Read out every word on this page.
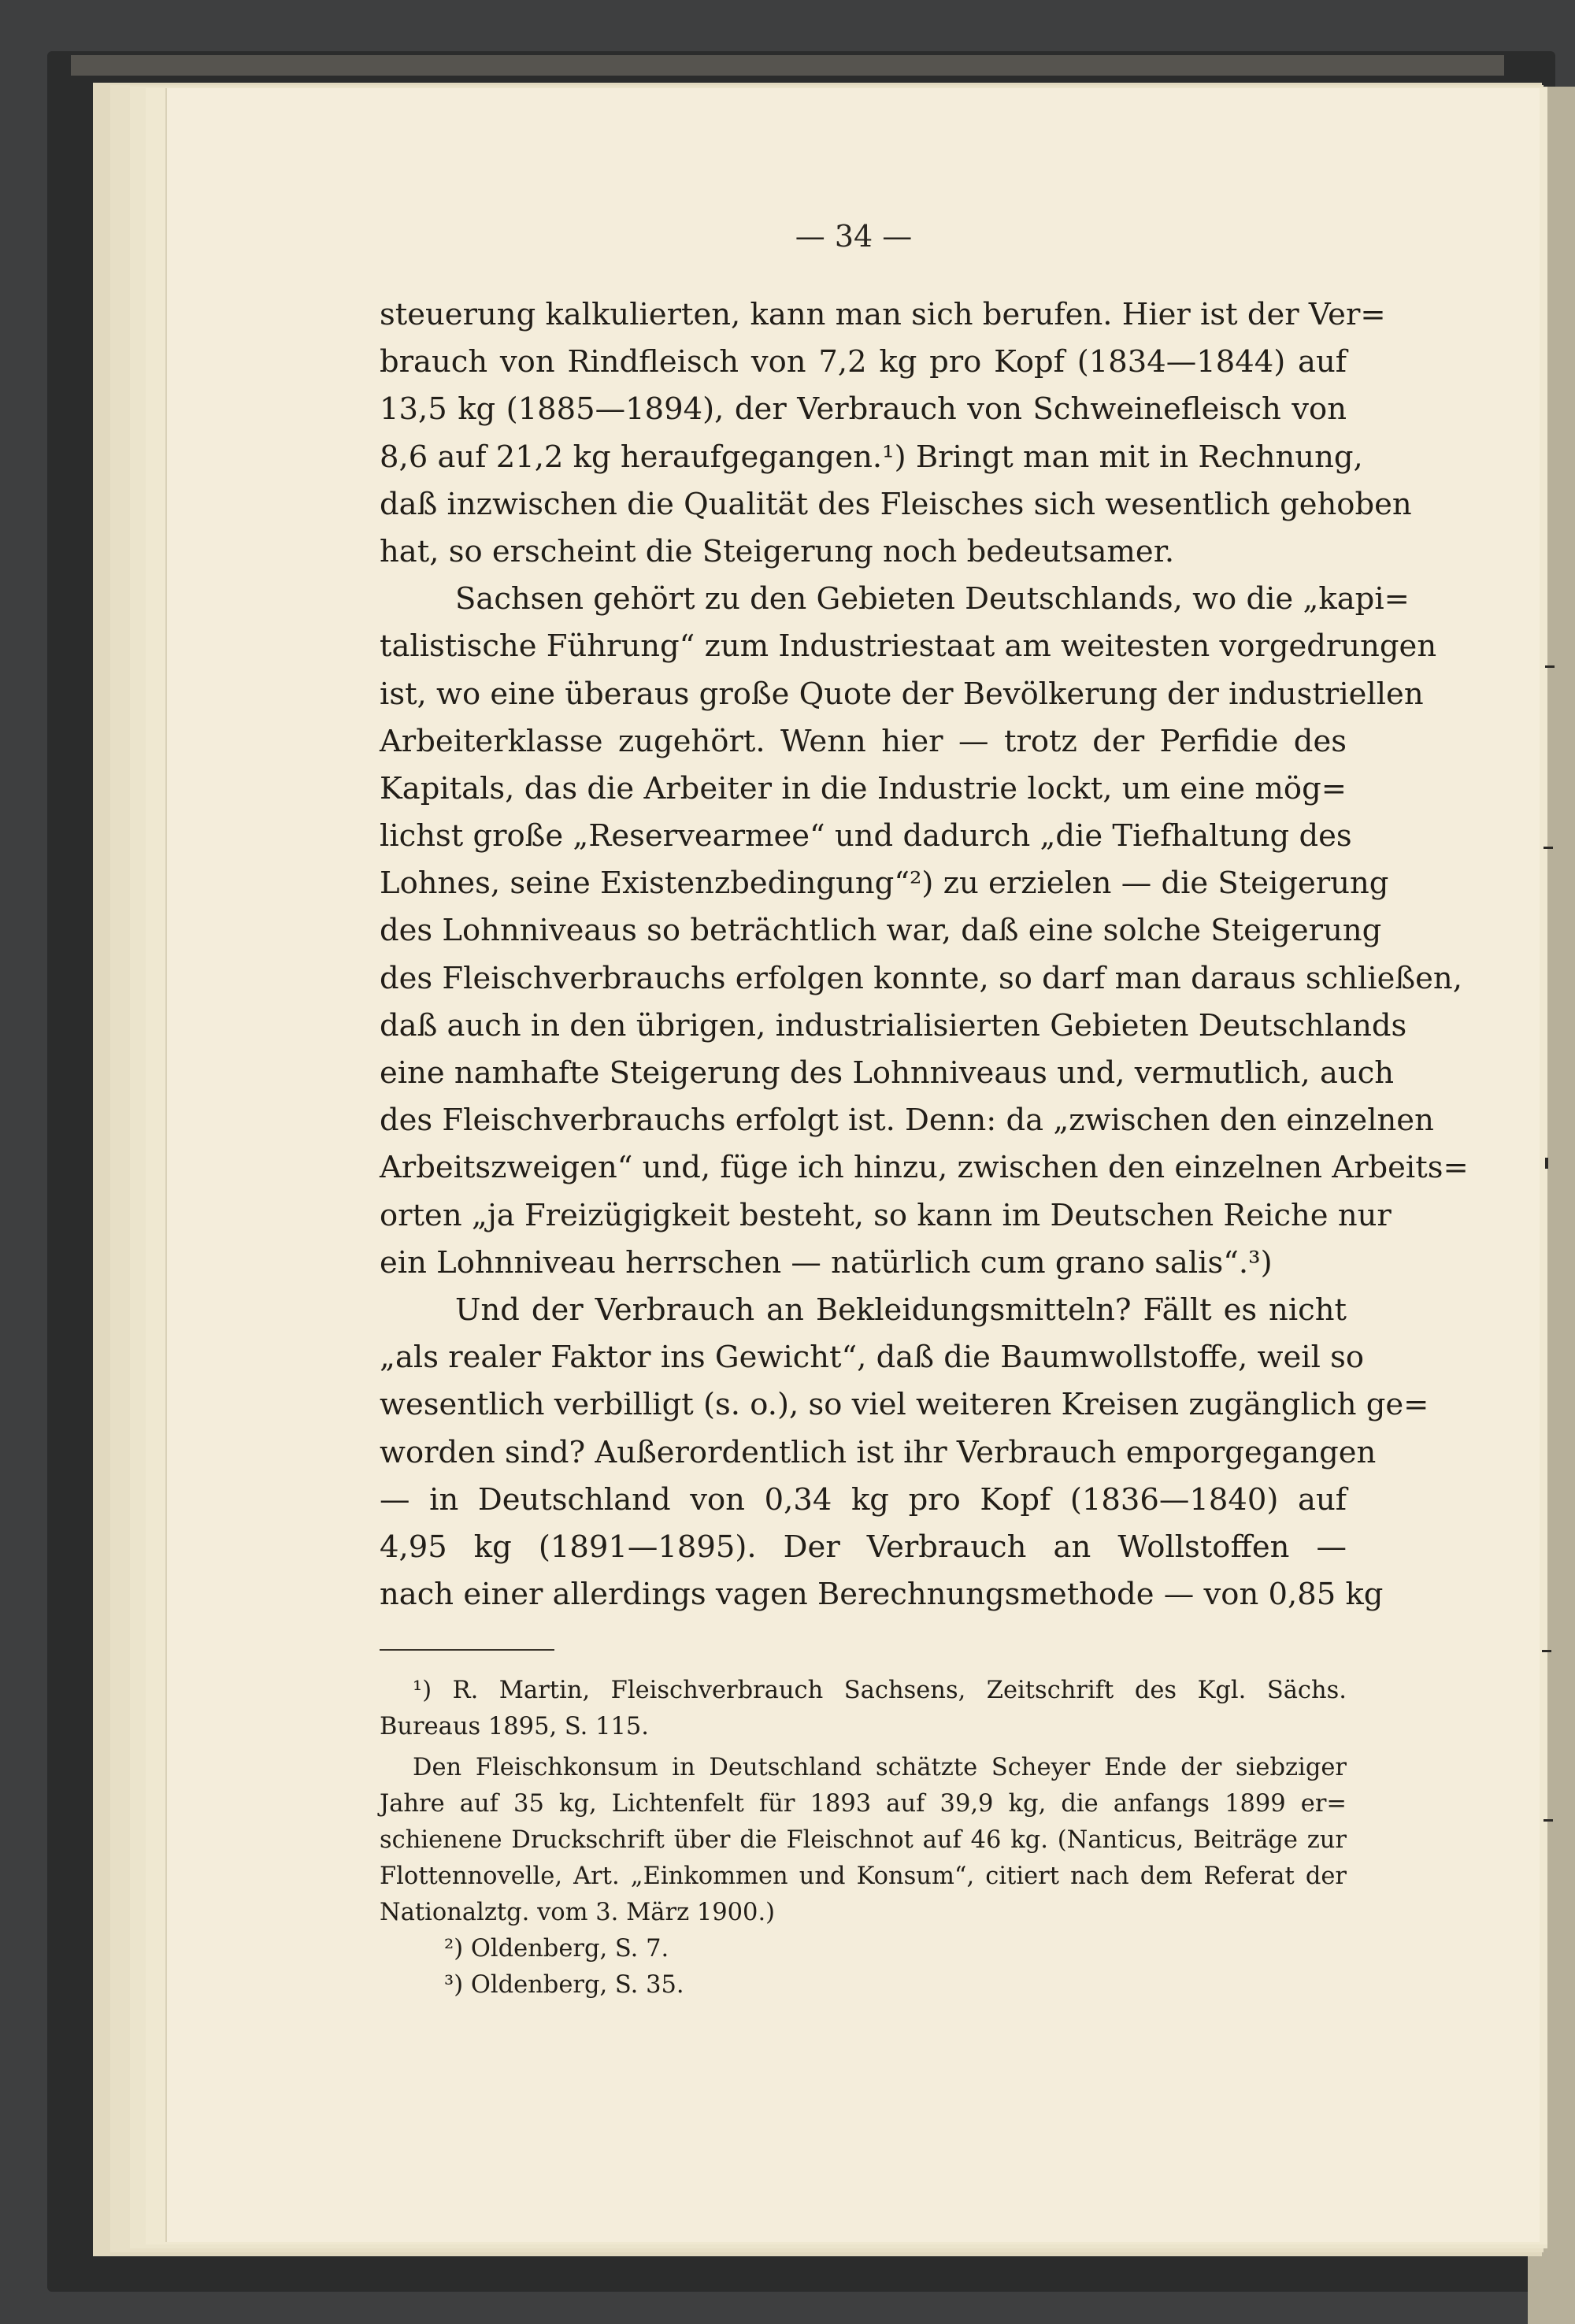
— 34 —

steuerung kalkulierten, kann man sich berufen. Hier ist der Ver=

brauch von Rindfleisch von 7,2 kg pro Kopf (1834—1844) auf

13,5 kg (1885—1894), der Verbrauch von Schweinefleisch von

8,6 auf 21,2 kg heraufgegangen.¹) Bringt man mit in Rechnung,

daß inzwischen die Qualität des Fleisches sich wesentlich gehoben

hat, so erscheint die Steigerung noch bedeutsamer.

Sachsen gehört zu den Gebieten Deutschlands, wo die „kapi=

talistische Führung“ zum Industriestaat am weitesten vorgedrungen

ist, wo eine überaus große Quote der Bevölkerung der industriellen

Arbeiterklasse zugehört. Wenn hier — trotz der Perfidie des

Kapitals, das die Arbeiter in die Industrie lockt, um eine mög=

lichst große „Reservearmee“ und dadurch „die Tiefhaltung des

Lohnes, seine Existenzbedingung“²) zu erzielen — die Steigerung

des Lohnniveaus so beträchtlich war, daß eine solche Steigerung

des Fleischverbrauchs erfolgen konnte, so darf man daraus schließen,

daß auch in den übrigen, industrialisierten Gebieten Deutschlands

eine namhafte Steigerung des Lohnniveaus und, vermutlich, auch

des Fleischverbrauchs erfolgt ist. Denn: da „zwischen den einzelnen

Arbeitszweigen“ und, füge ich hinzu, zwischen den einzelnen Arbeits=

orten „ja Freizügigkeit besteht, so kann im Deutschen Reiche nur

ein Lohnniveau herrschen — natürlich cum grano salis“.³)

Und der Verbrauch an Bekleidungsmitteln? Fällt es nicht

„als realer Faktor ins Gewicht“, daß die Baumwollstoffe, weil so

wesentlich verbilligt (s. o.), so viel weiteren Kreisen zugänglich ge=

worden sind? Außerordentlich ist ihr Verbrauch emporgegangen

— in Deutschland von 0,34 kg pro Kopf (1836—1840) auf

4,95 kg (1891—1895). Der Verbrauch an Wollstoffen —

nach einer allerdings vagen Berechnungsmethode — von 0,85 kg

¹) R. Martin, Fleischverbrauch Sachsens, Zeitschrift des Kgl. Sächs.

Bureaus 1895, S. 115.

Den Fleischkonsum in Deutschland schätzte Scheyer Ende der siebziger

Jahre auf 35 kg, Lichtenfelt für 1893 auf 39,9 kg, die anfangs 1899 er=

schienene Druckschrift über die Fleischnot auf 46 kg. (Nanticus, Beiträge zur

Flottennovelle, Art. „Einkommen und Konsum“, citiert nach dem Referat der

Nationalztg. vom 3. März 1900.)

²) Oldenberg, S. 7.

³) Oldenberg, S. 35.
